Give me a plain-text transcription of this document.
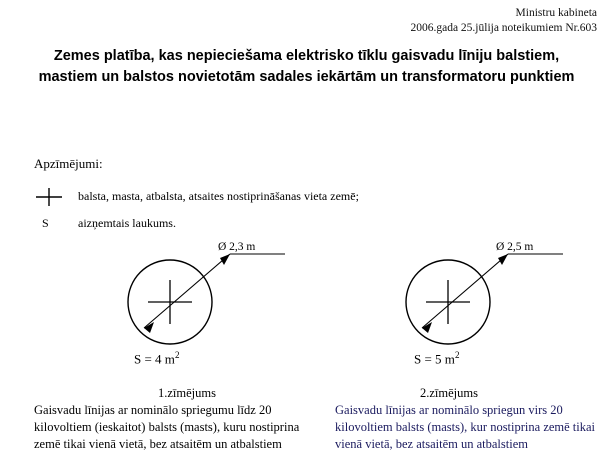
Ministru kabineta
2006.gada 25.jūlija noteikumiem Nr.603
Zemes platība, kas nepieciešama elektrisko tīklu gaisvadu līniju balstiem, mastiem un balstos novietotām sadales iekārtām un transformatoru punktiem
Apzīmējumi:
balsta, masta, atbalsta, atsaites nostiprināšanas vieta zemē;
S aizņemtais laukums.
Ø 2,3 m
S = 4 $m^2$
Ø 2,5 m
S = 5 $m^2$
1.zīmējums	2.zīmējums
Gaisvadu līnijas ar nominālo spriegumu līdz 20 kilovoltiem (ieskaitot) balsts (masts), kuru nostiprina zemē tikai vienā vietā, bez atsaitēm un atbalstiem
Gaisvadu līnijas ar nominālo spriegun virs 20 kilovoltiem balsts (masts), kur nostiprina zemē tikai vienā vietā, bez atsaitēm un atbalstiem
